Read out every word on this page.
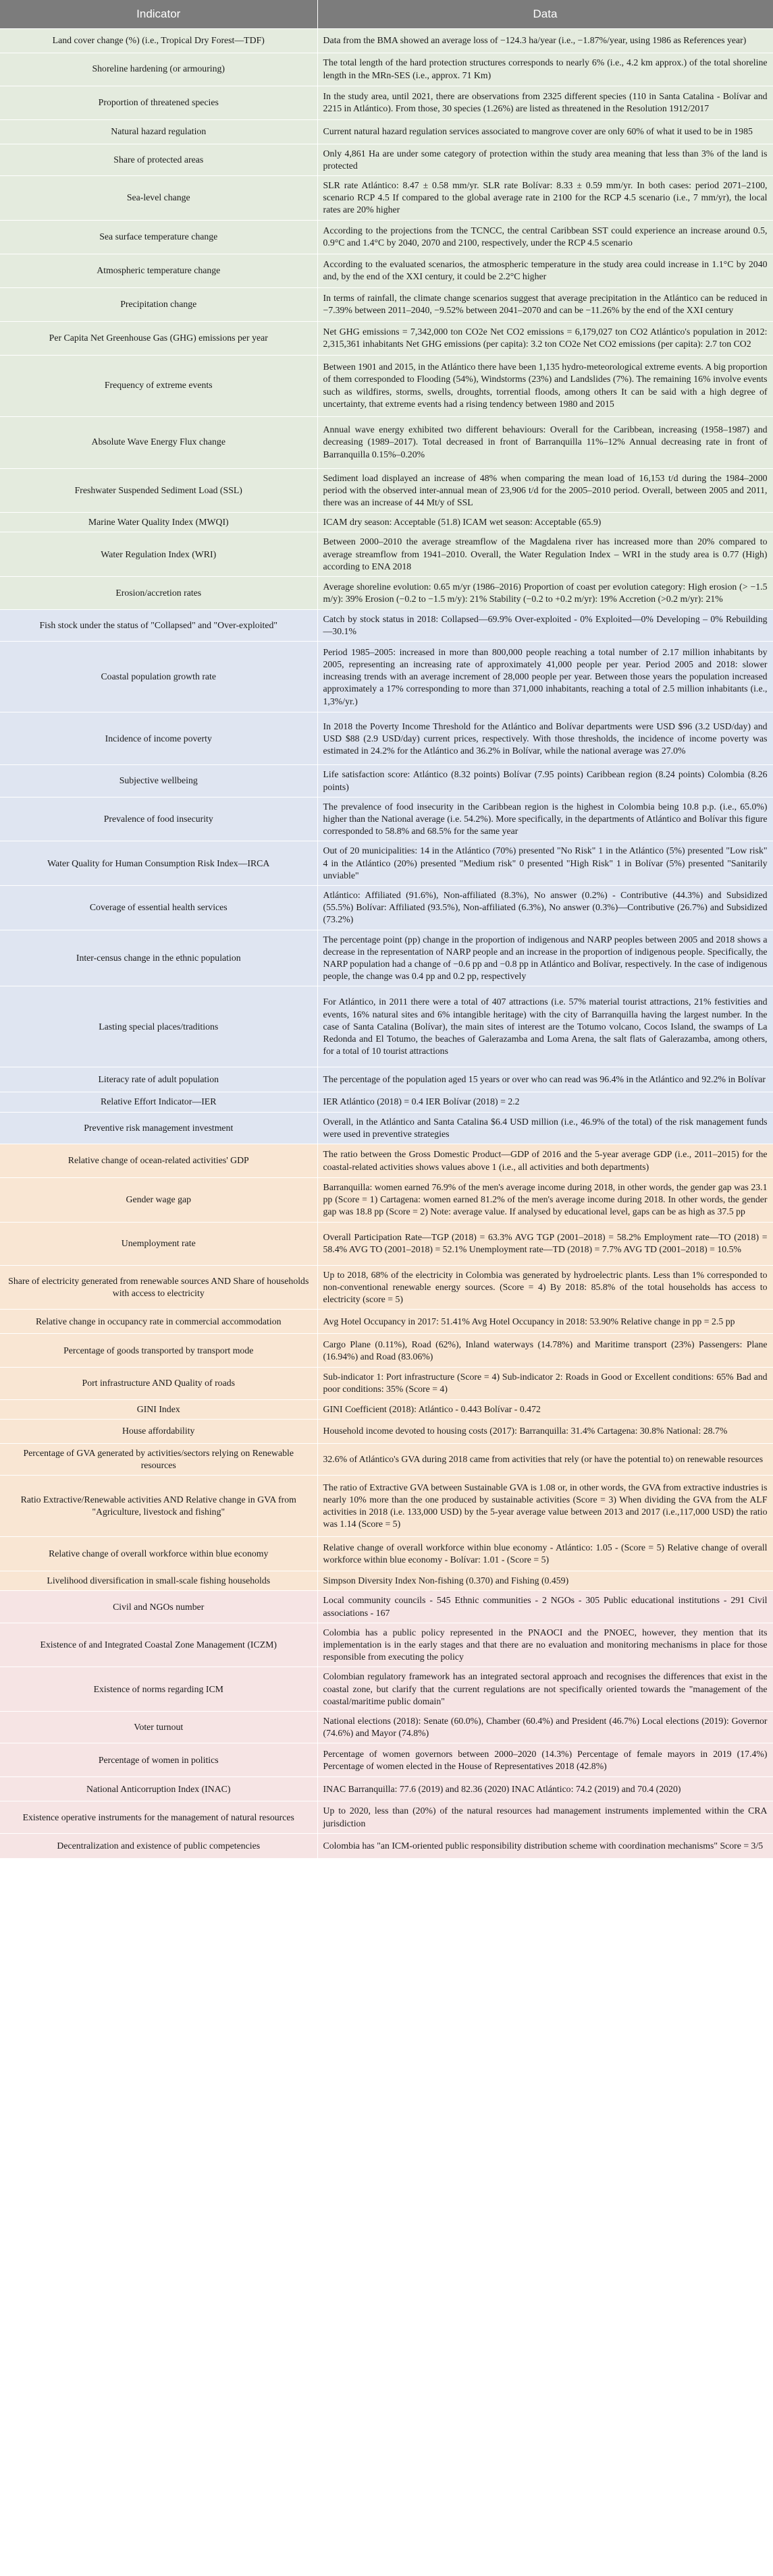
Indicator	Data
Land cover change (%) (i.e., Tropical Dry Forest—TDF)	Data from the BMA showed an average loss of −124.3 ha/year (i.e., −1.87%/year, using 1986 as References year)
Shoreline hardening (or armouring)	The total length of the hard protection structures corresponds to nearly 6% (i.e., 4.2 km approx.) of the total shoreline length in the MRn-SES (i.e., approx. 71 Km)
Proportion of threatened species	In the study area, until 2021, there are observations from 2325 different species (110 in Santa Catalina - Bolívar and 2215 in Atlántico). From those, 30 species (1.26%) are listed as threatened in the Resolution 1912/2017
Natural hazard regulation	Current natural hazard regulation services associated to mangrove cover are only 60% of what it used to be in 1985
Share of protected areas	Only 4,861 Ha are under some category of protection within the study area meaning that less than 3% of the land is protected
Sea-level change	SLR rate Atlántico: 8.47 ± 0.58 mm/yr. SLR rate Bolívar: 8.33 ± 0.59 mm/yr. In both cases: period 2071–2100, scenario RCP 4.5 If compared to the global average rate in 2100 for the RCP 4.5 scenario (i.e., 7 mm/yr), the local rates are 20% higher
Sea surface temperature change	According to the projections from the TCNCC, the central Caribbean SST could experience an increase around 0.5, 0.9°C and 1.4°C by 2040, 2070 and 2100, respectively, under the RCP 4.5 scenario
Atmospheric temperature change	According to the evaluated scenarios, the atmospheric temperature in the study area could increase in 1.1°C by 2040 and, by the end of the XXI century, it could be 2.2°C higher
Precipitation change	In terms of rainfall, the climate change scenarios suggest that average precipitation in the Atlántico can be reduced in −7.39% between 2011–2040, −9.52% between 2041–2070 and can be −11.26% by the end of the XXI century
Per Capita Net Greenhouse Gas (GHG) emissions per year	Net GHG emissions = 7,342,000 ton CO2e Net CO2 emissions = 6,179,027 ton CO2 Atlántico's population in 2012: 2,315,361 inhabitants Net GHG emissions (per capita): 3.2 ton CO2e Net CO2 emissions (per capita): 2.7 ton CO2
Frequency of extreme events	Between 1901 and 2015, in the Atlántico there have been 1,135 hydro-meteorological extreme events. A big proportion of them corresponded to Flooding (54%), Windstorms (23%) and Landslides (7%). The remaining 16% involve events such as wildfires, storms, swells, droughts, torrential floods, among others It can be said with a high degree of uncertainty, that extreme events had a rising tendency between 1980 and 2015
Absolute Wave Energy Flux change	Annual wave energy exhibited two different behaviours: Overall for the Caribbean, increasing (1958–1987) and decreasing (1989–2017). Total decreased in front of Barranquilla 11%–12% Annual decreasing rate in front of Barranquilla 0.15%–0.20%
Freshwater Suspended Sediment Load (SSL)	Sediment load displayed an increase of 48% when comparing the mean load of 16,153 t/d during the 1984–2000 period with the observed inter-annual mean of 23,906 t/d for the 2005–2010 period. Overall, between 2005 and 2011, there was an increase of 44 Mt/y of SSL
Marine Water Quality Index (MWQI)	ICAM dry season: Acceptable (51.8) ICAM wet season: Acceptable (65.9)
Water Regulation Index (WRI)	Between 2000–2010 the average streamflow of the Magdalena river has increased more than 20% compared to average streamflow from 1941–2010. Overall, the Water Regulation Index – WRI in the study area is 0.77 (High) according to ENA 2018
Erosion/accretion rates	Average shoreline evolution: 0.65 m/yr (1986–2016) Proportion of coast per evolution category: High erosion (> −1.5 m/y): 39% Erosion (−0.2 to −1.5 m/y): 21% Stability (−0.2 to +0.2 m/yr): 19% Accretion (>0.2 m/yr): 21%
Fish stock under the status of "Collapsed" and "Over-exploited"	Catch by stock status in 2018: Collapsed—69.9% Over-exploited - 0% Exploited—0% Developing – 0% Rebuilding—30.1%
Coastal population growth rate	Period 1985–2005: increased in more than 800,000 people reaching a total number of 2.17 million inhabitants by 2005, representing an increasing rate of approximately 41,000 people per year. Period 2005 and 2018: slower increasing trends with an average increment of 28,000 people per year. Between those years the population increased approximately a 17% corresponding to more than 371,000 inhabitants, reaching a total of 2.5 million inhabitants (i.e., 1,3%/yr.)
Incidence of income poverty	In 2018 the Poverty Income Threshold for the Atlántico and Bolívar departments were USD $96 (3.2 USD/day) and USD $88 (2.9 USD/day) current prices, respectively. With those thresholds, the incidence of income poverty was estimated in 24.2% for the Atlántico and 36.2% in Bolívar, while the national average was 27.0%
Subjective wellbeing	Life satisfaction score: Atlántico (8.32 points) Bolívar (7.95 points) Caribbean region (8.24 points) Colombia (8.26 points)
Prevalence of food insecurity	The prevalence of food insecurity in the Caribbean region is the highest in Colombia being 10.8 p.p. (i.e., 65.0%) higher than the National average (i.e. 54.2%). More specifically, in the departments of Atlántico and Bolívar this figure corresponded to 58.8% and 68.5% for the same year
Water Quality for Human Consumption Risk Index—IRCA	Out of 20 municipalities: 14 in the Atlántico (70%) presented "No Risk" 1 in the Atlántico (5%) presented "Low risk" 4 in the Atlántico (20%) presented "Medium risk" 0 presented "High Risk" 1 in Bolívar (5%) presented "Sanitarily unviable"
Coverage of essential health services	Atlántico: Affiliated (91.6%), Non-affiliated (8.3%), No answer (0.2%) - Contributive (44.3%) and Subsidized (55.5%) Bolívar: Affiliated (93.5%), Non-affiliated (6.3%), No answer (0.3%)—Contributive (26.7%) and Subsidized (73.2%)
Inter-census change in the ethnic population	The percentage point (pp) change in the proportion of indigenous and NARP peoples between 2005 and 2018 shows a decrease in the representation of NARP people and an increase in the proportion of indigenous people. Specifically, the NARP population had a change of −0.6 pp and −0.8 pp in Atlántico and Bolívar, respectively. In the case of indigenous people, the change was 0.4 pp and 0.2 pp, respectively
Lasting special places/traditions	For Atlántico, in 2011 there were a total of 407 attractions (i.e. 57% material tourist attractions, 21% festivities and events, 16% natural sites and 6% intangible heritage) with the city of Barranquilla having the largest number. In the case of Santa Catalina (Bolívar), the main sites of interest are the Totumo volcano, Cocos Island, the swamps of La Redonda and El Totumo, the beaches of Galerazamba and Loma Arena, the salt flats of Galerazamba, among others, for a total of 10 tourist attractions
Literacy rate of adult population	The percentage of the population aged 15 years or over who can read was 96.4% in the Atlántico and 92.2% in Bolívar
Relative Effort Indicator—IER	IER Atlántico (2018) = 0.4 IER Bolívar (2018) = 2.2
Preventive risk management investment	Overall, in the Atlántico and Santa Catalina $6.4 USD million (i.e., 46.9% of the total) of the risk management funds were used in preventive strategies
Relative change of ocean-related activities' GDP	The ratio between the Gross Domestic Product—GDP of 2016 and the 5-year average GDP (i.e., 2011–2015) for the coastal-related activities shows values above 1 (i.e., all activities and both departments)
Gender wage gap	Barranquilla: women earned 76.9% of the men's average income during 2018, in other words, the gender gap was 23.1 pp (Score = 1) Cartagena: women earned 81.2% of the men's average income during 2018. In other words, the gender gap was 18.8 pp (Score = 2) Note: average value. If analysed by educational level, gaps can be as high as 37.5 pp
Unemployment rate	Overall Participation Rate—TGP (2018) = 63.3% AVG TGP (2001–2018) = 58.2% Employment rate—TO (2018) = 58.4% AVG TO (2001–2018) = 52.1% Unemployment rate—TD (2018) = 7.7% AVG TD (2001–2018) = 10.5%
Share of electricity generated from renewable sources AND Share of households with access to electricity	Up to 2018, 68% of the electricity in Colombia was generated by hydroelectric plants. Less than 1% corresponded to non-conventional renewable energy sources. (Score = 4) By 2018: 85.8% of the total households has access to electricity (score = 5)
Relative change in occupancy rate in commercial accommodation	Avg Hotel Occupancy in 2017: 51.41% Avg Hotel Occupancy in 2018: 53.90% Relative change in pp = 2.5 pp
Percentage of goods transported by transport mode	Cargo Plane (0.11%), Road (62%), Inland waterways (14.78%) and Maritime transport (23%) Passengers: Plane (16.94%) and Road (83.06%)
Port infrastructure AND Quality of roads	Sub-indicator 1: Port infrastructure (Score = 4) Sub-indicator 2: Roads in Good or Excellent conditions: 65% Bad and poor conditions: 35% (Score = 4)
GINI Index	GINI Coefficient (2018): Atlántico - 0.443 Bolívar - 0.472
House affordability	Household income devoted to housing costs (2017): Barranquilla: 31.4% Cartagena: 30.8% National: 28.7%
Percentage of GVA generated by activities/sectors relying on Renewable resources	32.6% of Atlántico's GVA during 2018 came from activities that rely (or have the potential to) on renewable resources
Ratio Extractive/Renewable activities AND Relative change in GVA from "Agriculture, livestock and fishing"	The ratio of Extractive GVA between Sustainable GVA is 1.08 or, in other words, the GVA from extractive industries is nearly 10% more than the one produced by sustainable activities (Score = 3) When dividing the GVA from the ALF activities in 2018 (i.e. 133,000 USD) by the 5-year average value between 2013 and 2017 (i.e.,117,000 USD) the ratio was 1.14 (Score = 5)
Relative change of overall workforce within blue economy	Relative change of overall workforce within blue economy - Atlántico: 1.05 - (Score = 5) Relative change of overall workforce within blue economy - Bolívar: 1.01 - (Score = 5)
Livelihood diversification in small-scale fishing households	Simpson Diversity Index Non-fishing (0.370) and Fishing (0.459)
Civil and NGOs number	Local community councils - 545 Ethnic communities - 2 NGOs - 305 Public educational institutions - 291 Civil associations - 167
Existence of and Integrated Coastal Zone Management (ICZM)	Colombia has a public policy represented in the PNAOCI and the PNOEC, however, they mention that its implementation is in the early stages and that there are no evaluation and monitoring mechanisms in place for those responsible from executing the policy
Existence of norms regarding ICM	Colombian regulatory framework has an integrated sectoral approach and recognises the differences that exist in the coastal zone, but clarify that the current regulations are not specifically oriented towards the "management of the coastal/maritime public domain"
Voter turnout	National elections (2018): Senate (60.0%), Chamber (60.4%) and President (46.7%) Local elections (2019): Governor (74.6%) and Mayor (74.8%)
Percentage of women in politics	Percentage of women governors between 2000–2020 (14.3%) Percentage of female mayors in 2019 (17.4%) Percentage of women elected in the House of Representatives 2018 (42.8%)
National Anticorruption Index (INAC)	INAC Barranquilla: 77.6 (2019) and 82.36 (2020) INAC Atlántico: 74.2 (2019) and 70.4 (2020)
Existence operative instruments for the management of natural resources	Up to 2020, less than (20%) of the natural resources had management instruments implemented within the CRA jurisdiction
Decentralization and existence of public competencies	Colombia has "an ICM-oriented public responsibility distribution scheme with coordination mechanisms" Score = 3/5
